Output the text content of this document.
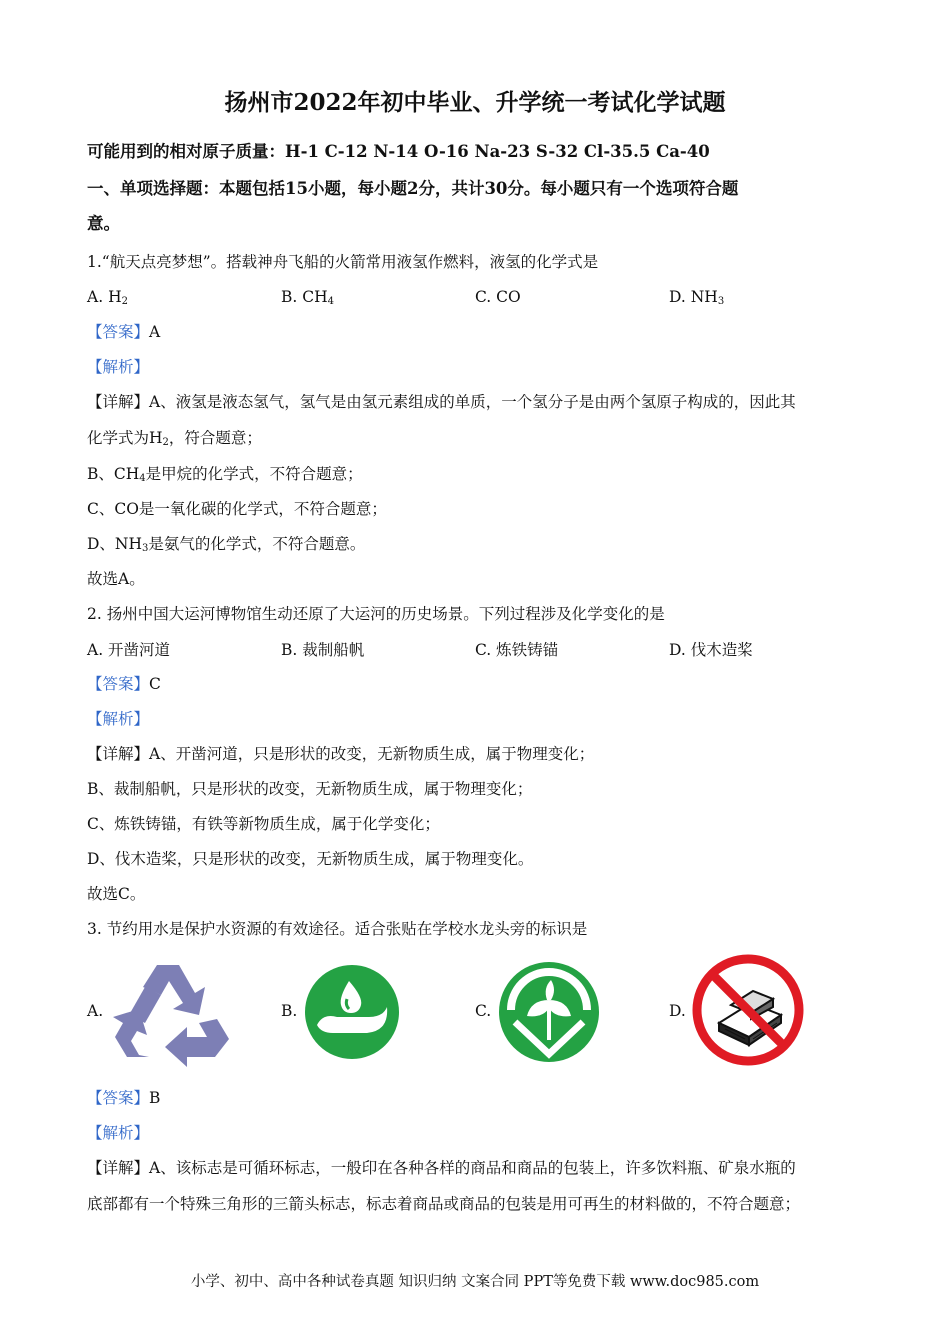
扬州市2022年初中毕业、升学统一考试化学试题
可能用到的相对原子质量：H-1 C-12 N-14 O-16 Na-23 S-32 Cl-35.5 Ca-40
一、单项选择题：本题包括15小题，每小题2分，共计30分。每小题只有一个选项符合题
意。
1.“航天点亮梦想”。搭载神舟飞船的火箭常用液氢作燃料，液氢的化学式是
A. $H_2$	B. $CH_4$	C. CO	D. $NH_3$
【答案】A
【解析】
【详解】A、液氢是液态氢气，氢气是由氢元素组成的单质，一个氢分子是由两个氢原子构成的，因此其
化学式为$H_2$，符合题意；
B、$CH_4$是甲烷的化学式，不符合题意；
C、CO是一氧化碳的化学式，不符合题意；
D、$NH_3$是氨气的化学式，不符合题意。
故选A。
2. 扬州中国大运河博物馆生动还原了大运河的历史场景。下列过程涉及化学变化的是
A. 开凿河道	B. 裁制船帆	C. 炼铁铸锚	D. 伐木造桨
【答案】C
【解析】
【详解】A、开凿河道，只是形状的改变，无新物质生成，属于物理变化；
B、裁制船帆，只是形状的改变，无新物质生成，属于物理变化；
C、炼铁铸锚，有铁等新物质生成，属于化学变化；
D、伐木造桨，只是形状的改变，无新物质生成，属于物理变化。
故选C。
3. 节约用水是保护水资源的有效途径。适合张贴在学校水龙头旁的标识是
A.	B.	C.	D.
【答案】B
【解析】
【详解】A、该标志是可循环标志，一般印在各种各样的商品和商品的包装上，许多饮料瓶、矿泉水瓶的
底部都有一个特殊三角形的三箭头标志，标志着商品或商品的包装是用可再生的材料做的，不符合题意；
小学、初中、高中各种试卷真题 知识归纳 文案合同 PPT等免费下载 www.doc985.com
